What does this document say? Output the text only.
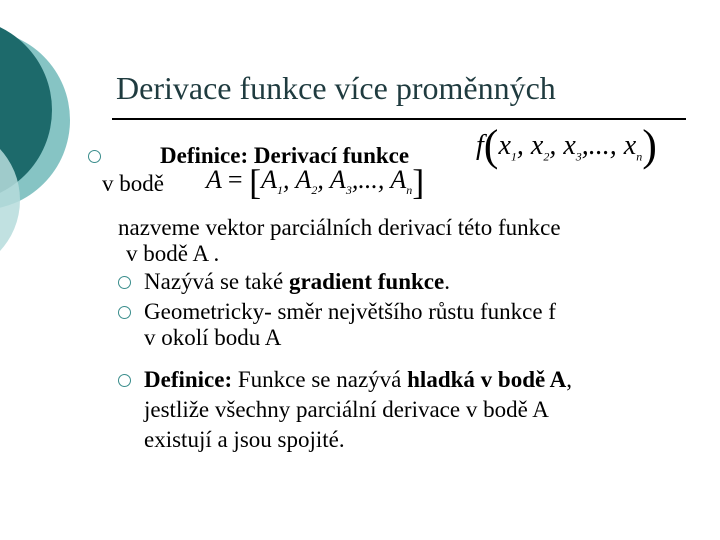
Derivace funkce více proměnných
Definice: Derivací funkce $f(x_1$, $x_2$, $x_3$,..., $x_n$)
v bodě $A = [A_1$, $A_2$, $A_3$,..., $A_n$]
nazveme vektor parciálních derivací této funkce
v bodě A .
Nazývá se také gradient funkce.
Geometricky- směr největšího růstu funkce f
v okolí bodu A
Definice: Funkce se nazývá hladká v bodě A,
jestliže všechny parciální derivace v bodě A
existují a jsou spojité.
